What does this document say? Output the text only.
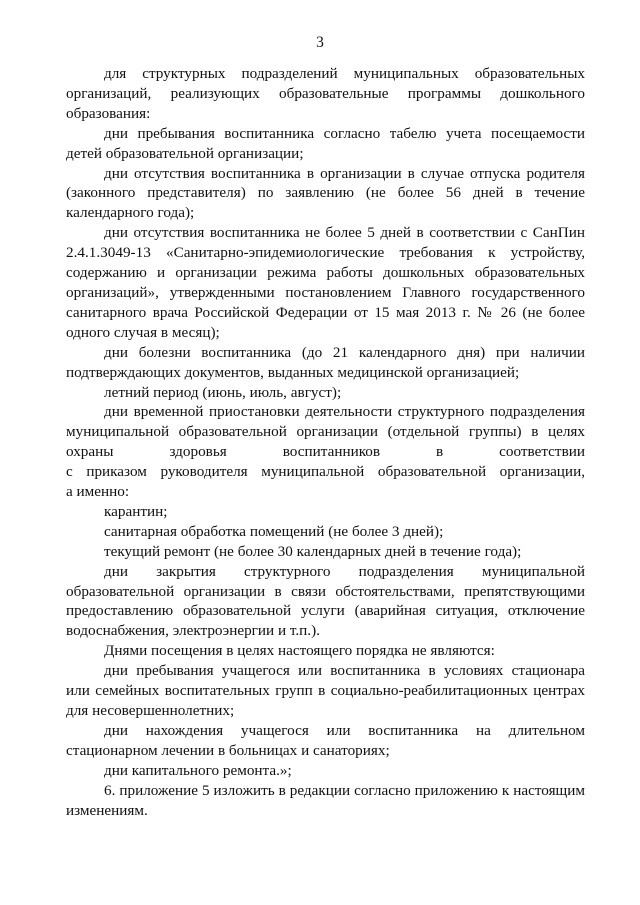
3
для структурных подразделений муниципальных образовательных
организаций, реализующих образовательные программы дошкольного
образования:
дни пребывания воспитанника согласно табелю учета посещаемости
детей образовательной организации;
дни отсутствия воспитанника в организации в случае отпуска родителя
(законного представителя) по заявлению (не более 56 дней в течение
календарного года);
дни отсутствия воспитанника не более 5 дней в соответствии с СанПин
2.4.1.3049-13 «Санитарно-эпидемиологические требования к устройству,
содержанию и организации режима работы дошкольных образовательных
организаций», утвержденными постановлением Главного государственного
санитарного врача Российской Федерации от 15 мая 2013 г. № 26 (не более
одного случая в месяц);
дни болезни воспитанника (до 21 календарного дня) при наличии
подтверждающих документов, выданных медицинской организацией;
летний период (июнь, июль, август);
дни временной приостановки деятельности структурного подразделения
муниципальной образовательной организации (отдельной группы) в целях
охраны здоровья воспитанников в соответствии
с приказом руководителя муниципальной образовательной организации,
а именно:
карантин;
санитарная обработка помещений (не более 3 дней);
текущий ремонт (не более 30 календарных дней в течение года);
дни закрытия структурного подразделения муниципальной
образовательной организации в связи обстоятельствами, препятствующими
предоставлению образовательной услуги (аварийная ситуация, отключение
водоснабжения, электроэнергии и т.п.).
Днями посещения в целях настоящего порядка не являются:
дни пребывания учащегося или воспитанника в условиях стационара
или семейных воспитательных групп в социально-реабилитационных центрах
для несовершеннолетних;
дни нахождения учащегося или воспитанника на длительном
стационарном лечении в больницах и санаториях;
дни капитального ремонта.»;
6. приложение 5 изложить в редакции согласно приложению к настоящим
изменениям.
